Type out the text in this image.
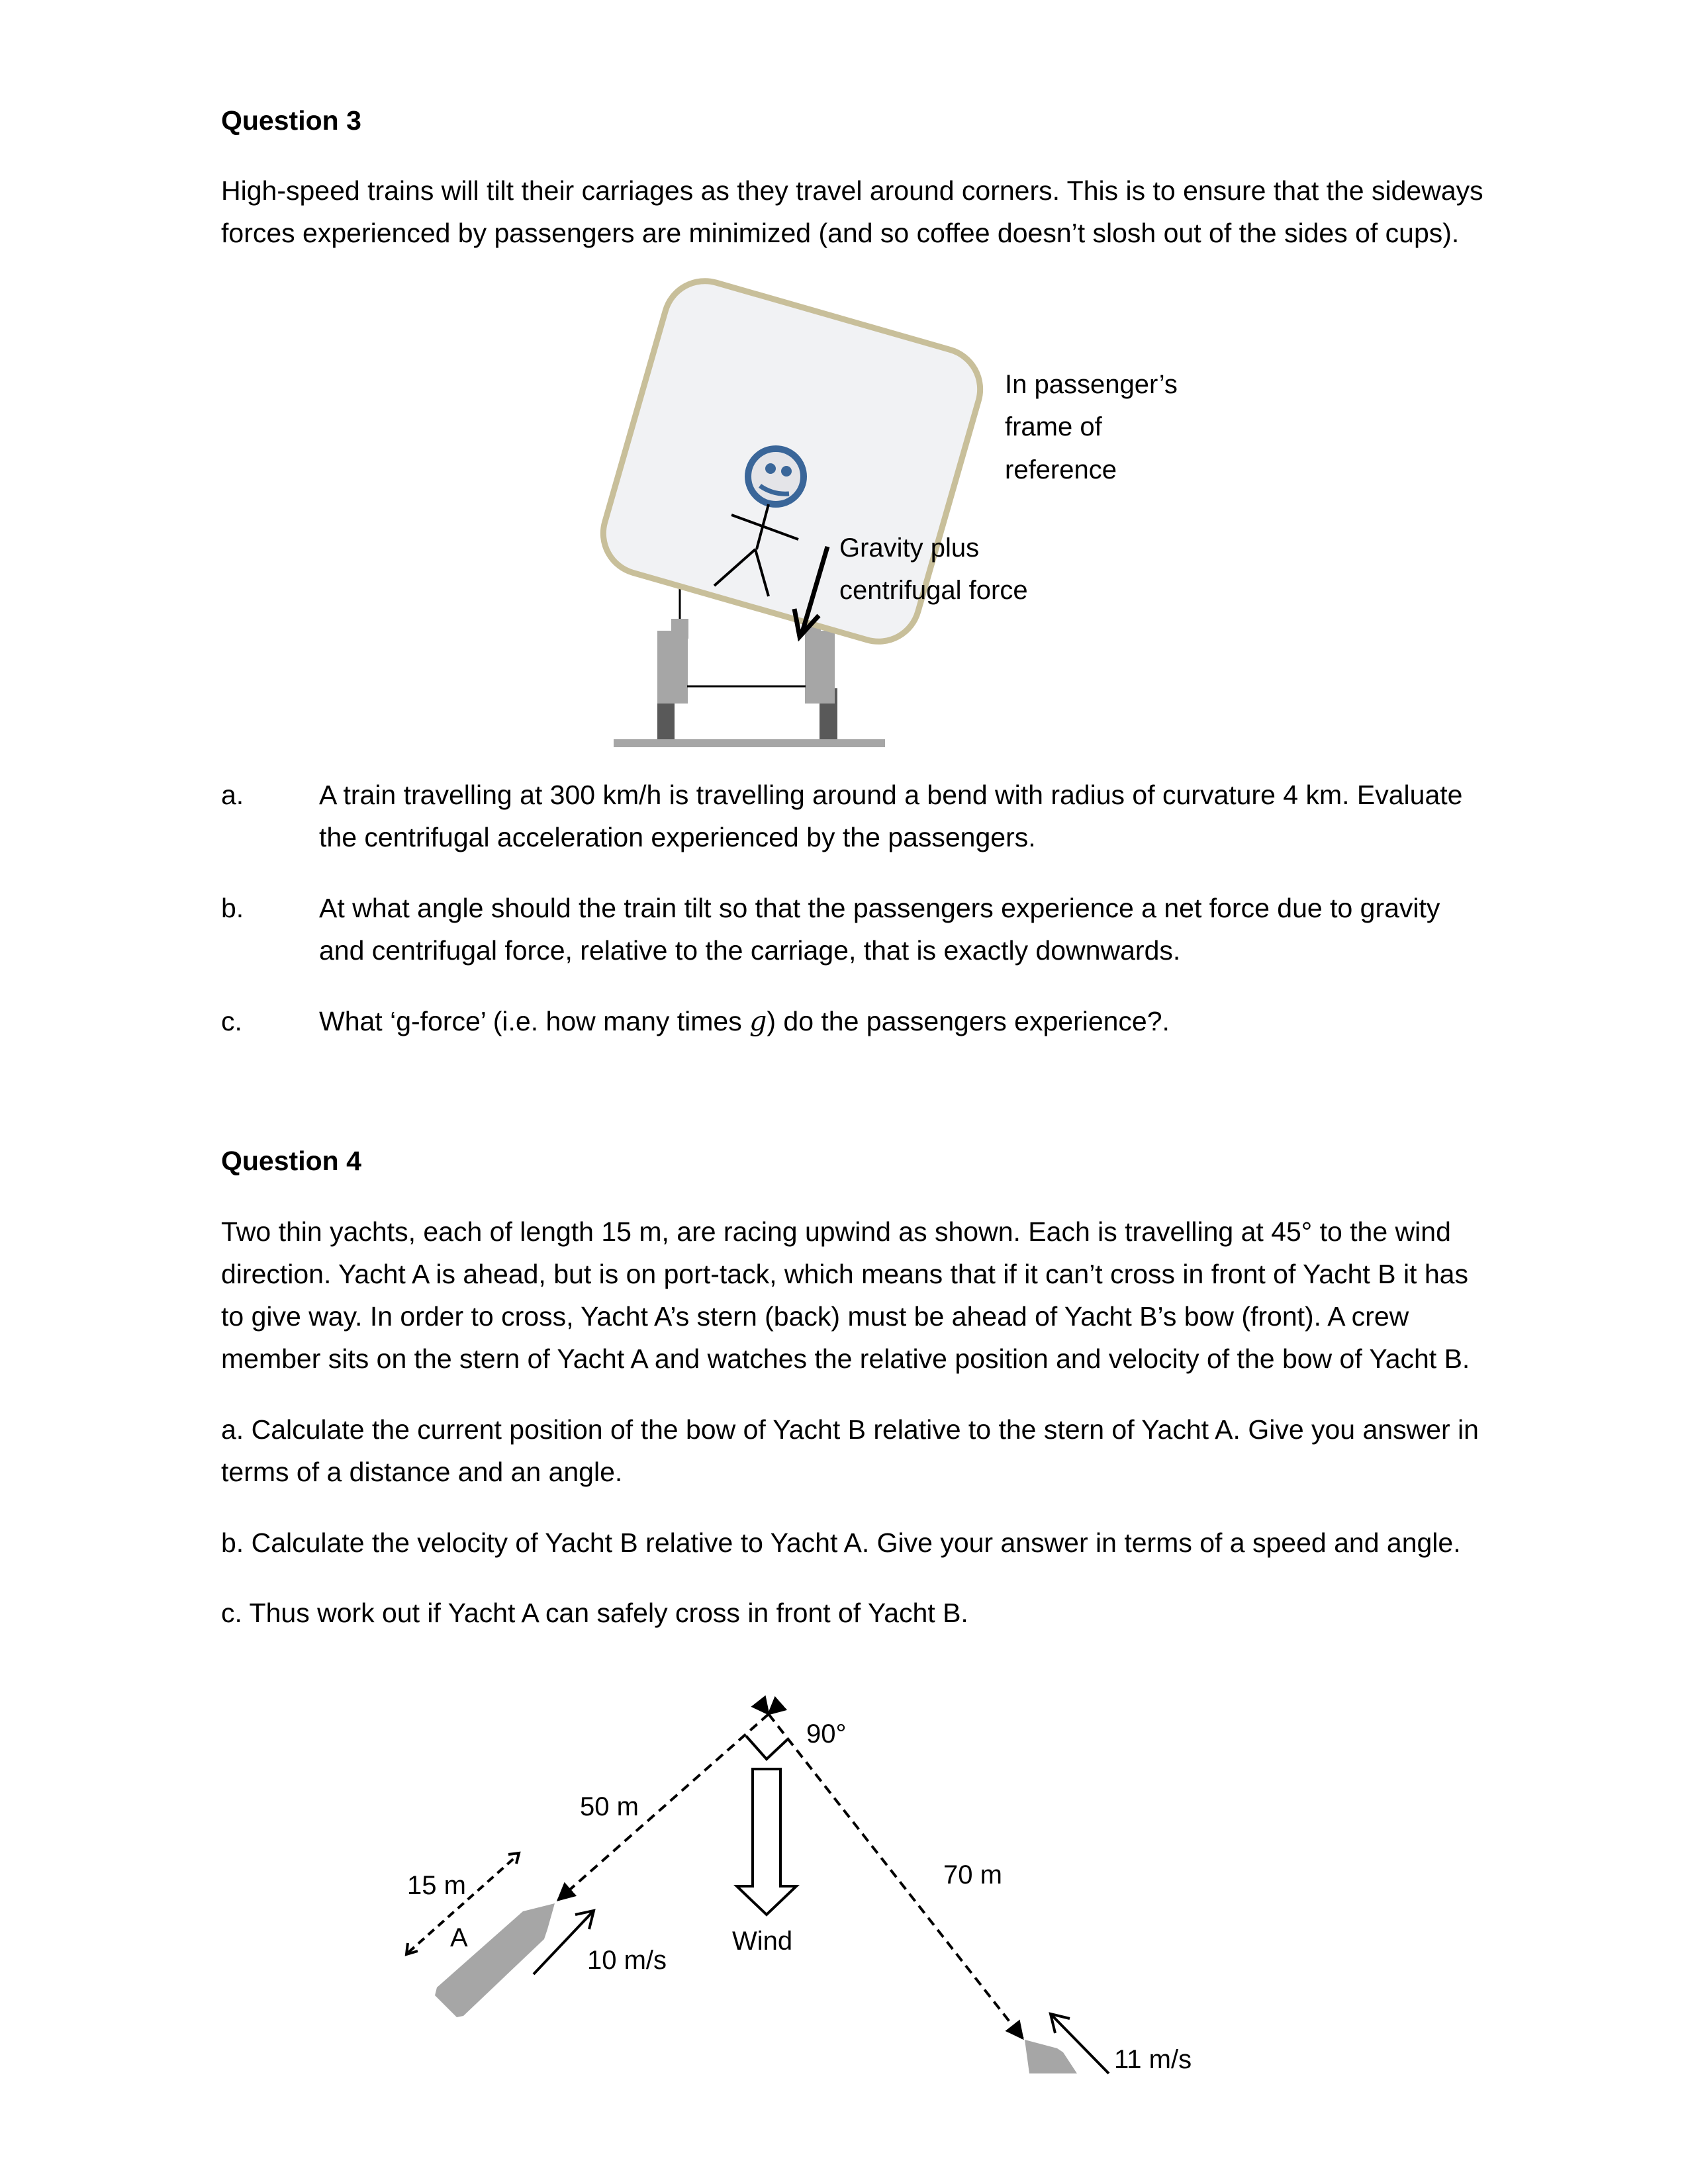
Question 3
High-speed trains will tilt their carriages as they travel around corners. This is to ensure that the sideways
forces experienced by passengers are minimized (and so coffee doesn’t slosh out of the sides of cups).
In passenger’s
frame of
reference
Gravity plus
centrifugal force
a.	A train travelling at 300 km/h is travelling around a bend with radius of curvature 4 km. Evaluate
the centrifugal acceleration experienced by the passengers.
b.	At what angle should the train tilt so that the passengers experience a net force due to gravity
and centrifugal force, relative to the carriage, that is exactly downwards.
c.	What ‘g-force’ (i.e. how many times g) do the passengers experience?.
Question 4
Two thin yachts, each of length 15 m, are racing upwind as shown. Each is travelling at 45° to the wind
direction. Yacht A is ahead, but is on port-tack, which means that if it can’t cross in front of Yacht B it has
to give way. In order to cross, Yacht A’s stern (back) must be ahead of Yacht B’s bow (front). A crew
member sits on the stern of Yacht A and watches the relative position and velocity of the bow of Yacht B.
a. Calculate the current position of the bow of Yacht B relative to the stern of Yacht A. Give you answer in
terms of a distance and an angle.
b. Calculate the velocity of Yacht B relative to Yacht A. Give your answer in terms of a speed and angle.
c. Thus work out if Yacht A can safely cross in front of Yacht B.
90°
50 m
70 m
15 m
A
10 m/s
Wind
11 m/s
